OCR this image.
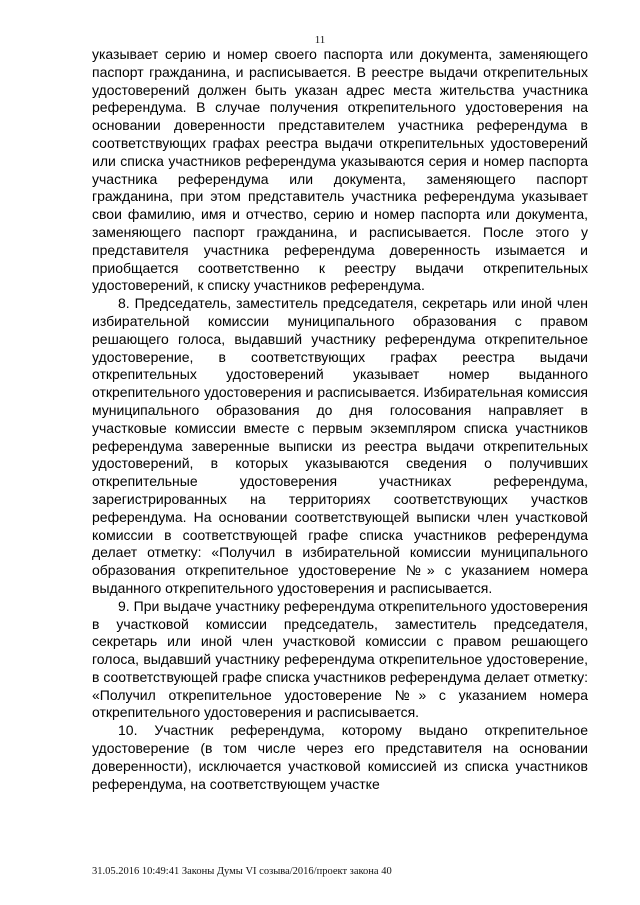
11

указывает серию и номер своего паспорта или документа, заменяющего паспорт гражданина, и расписывается. В реестре выдачи открепительных удостоверений должен быть указан адрес места жительства участника референдума. В случае получения открепительного удостоверения на основании доверенности представителем участника референдума в соответствующих графах реестра выдачи открепительных удостоверений или списка участников референдума указываются серия и номер паспорта участника референдума или документа, заменяющего паспорт гражданина, при этом представитель участника референдума указывает свои фамилию, имя и отчество, серию и номер паспорта или документа, заменяющего паспорт гражданина, и расписывается. После этого у представителя участника референдума доверенность изымается и приобщается соответственно к реестру выдачи открепительных удостоверений, к списку участников референдума.

8. Председатель, заместитель председателя, секретарь или иной член избирательной комиссии муниципального образования с правом решающего голоса, выдавший участнику референдума открепительное удостоверение, в соответствующих графах реестра выдачи открепительных удостоверений указывает номер выданного открепительного удостоверения и расписывается. Избирательная комиссия муниципального образования до дня голосования направляет в участковые комиссии вместе с первым экземпляром списка участников референдума заверенные выписки из реестра выдачи открепительных удостоверений, в которых указываются сведения о получивших открепительные удостоверения участниках референдума, зарегистрированных на территориях соответствующих участков референдума. На основании соответствующей выписки член участковой комиссии в соответствующей графе списка участников референдума делает отметку: «Получил в избирательной комиссии муниципального образования открепительное удостоверение №» с указанием номера выданного открепительного удостоверения и расписывается.

9. При выдаче участнику референдума открепительного удостоверения в участковой комиссии председатель, заместитель председателя, секретарь или иной член участковой комиссии с правом решающего голоса, выдавший участнику референдума открепительное удостоверение, в соответствующей графе списка участников референдума делает отметку: «Получил открепительное удостоверение №» с указанием номера открепительного удостоверения и расписывается.

10. Участник референдума, которому выдано открепительное удостоверение (в том числе через его представителя на основании доверенности), исключается участковой комиссией из списка участников референдума, на соответствующем участке

31.05.2016 10:49:41 Законы Думы VI созыва/2016/проект закона 40
